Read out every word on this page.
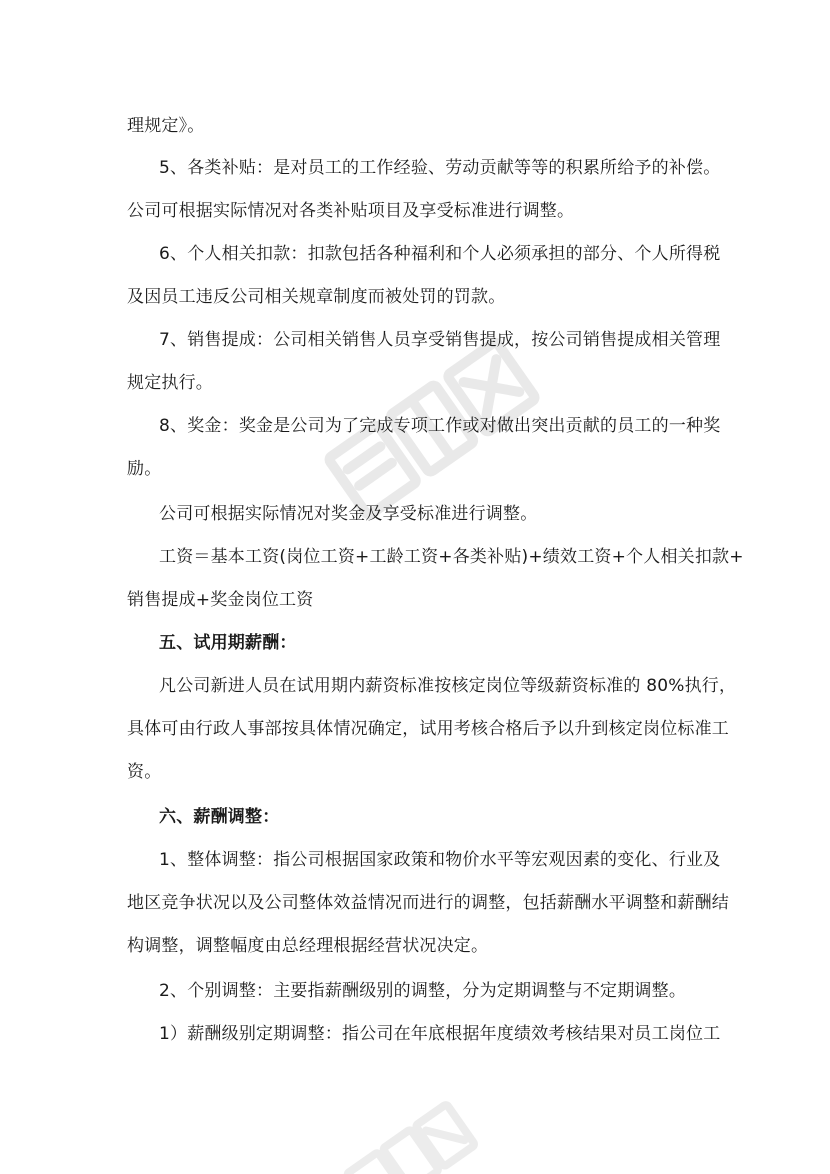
理规定》。
5、各类补贴：是对员工的工作经验、劳动贡献等等的积累所给予的补偿。
公司可根据实际情况对各类补贴项目及享受标准进行调整。
6、个人相关扣款：扣款包括各种福利和个人必须承担的部分、个人所得税
及因员工违反公司相关规章制度而被处罚的罚款。
7、销售提成：公司相关销售人员享受销售提成，按公司销售提成相关管理
规定执行。
8、奖金：奖金是公司为了完成专项工作或对做出突出贡献的员工的一种奖
励。
公司可根据实际情况对奖金及享受标准进行调整。
工资＝基本工资(岗位工资+工龄工资+各类补贴)+绩效工资+个人相关扣款+
销售提成+奖金岗位工资
五、试用期薪酬：
凡公司新进人员在试用期内薪资标准按核定岗位等级薪资标准的 80%执行，
具体可由行政人事部按具体情况确定，试用考核合格后予以升到核定岗位标准工
资。
六、薪酬调整：
1、整体调整：指公司根据国家政策和物价水平等宏观因素的变化、行业及
地区竞争状况以及公司整体效益情况而进行的调整，包括薪酬水平调整和薪酬结
构调整，调整幅度由总经理根据经营状况决定。
2、个别调整：主要指薪酬级别的调整，分为定期调整与不定期调整。
1）薪酬级别定期调整：指公司在年底根据年度绩效考核结果对员工岗位工
